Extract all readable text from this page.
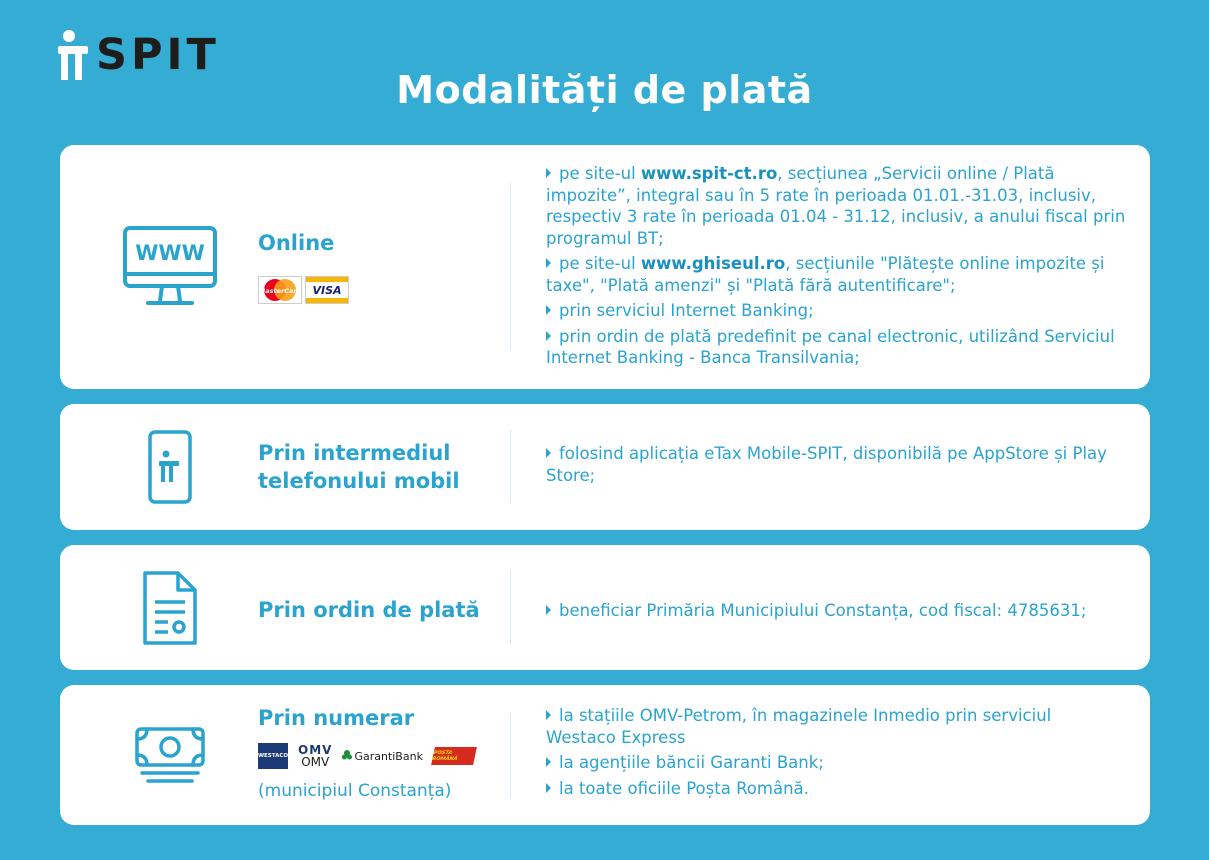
SPIT
Modalități de plată
WWW	Online
MasterCard	VISA

pe site-ul www.spit-ct.ro, secțiunea „Servicii online / Plată impozite”, integral sau în 5 rate în perioada 01.01.-31.03, inclusiv, respectiv 3 rate în perioada 01.04 - 31.12, inclusiv, a anului fiscal prin programul BT;

pe site-ul www.ghiseul.ro, secțiunile "Plătește online impozite și taxe", "Plată amenzi" și "Plată fără autentificare";

prin serviciul Internet Banking;

prin ordin de plată predefinit pe canal electronic, utilizând Serviciul Internet Banking - Banca Transilvania;

Prin intermediul
telefonului mobil

folosind aplicația eTax Mobile-SPIT, disponibilă pe AppStore și Play Store;

Prin ordin de plată	beneficiar Primăria Municipiului Constanța, cod fiscal: 4785631;

Prin numerar
WESTACO OMV
OMV GarantiBank POȘTA ROMÂNĂ
(municipiul Constanța)

la stațiile OMV-Petrom, în magazinele Inmedio prin serviciul Westaco Express

la agențiile băncii Garanti Bank;

la toate oficiile Poșta Română.
